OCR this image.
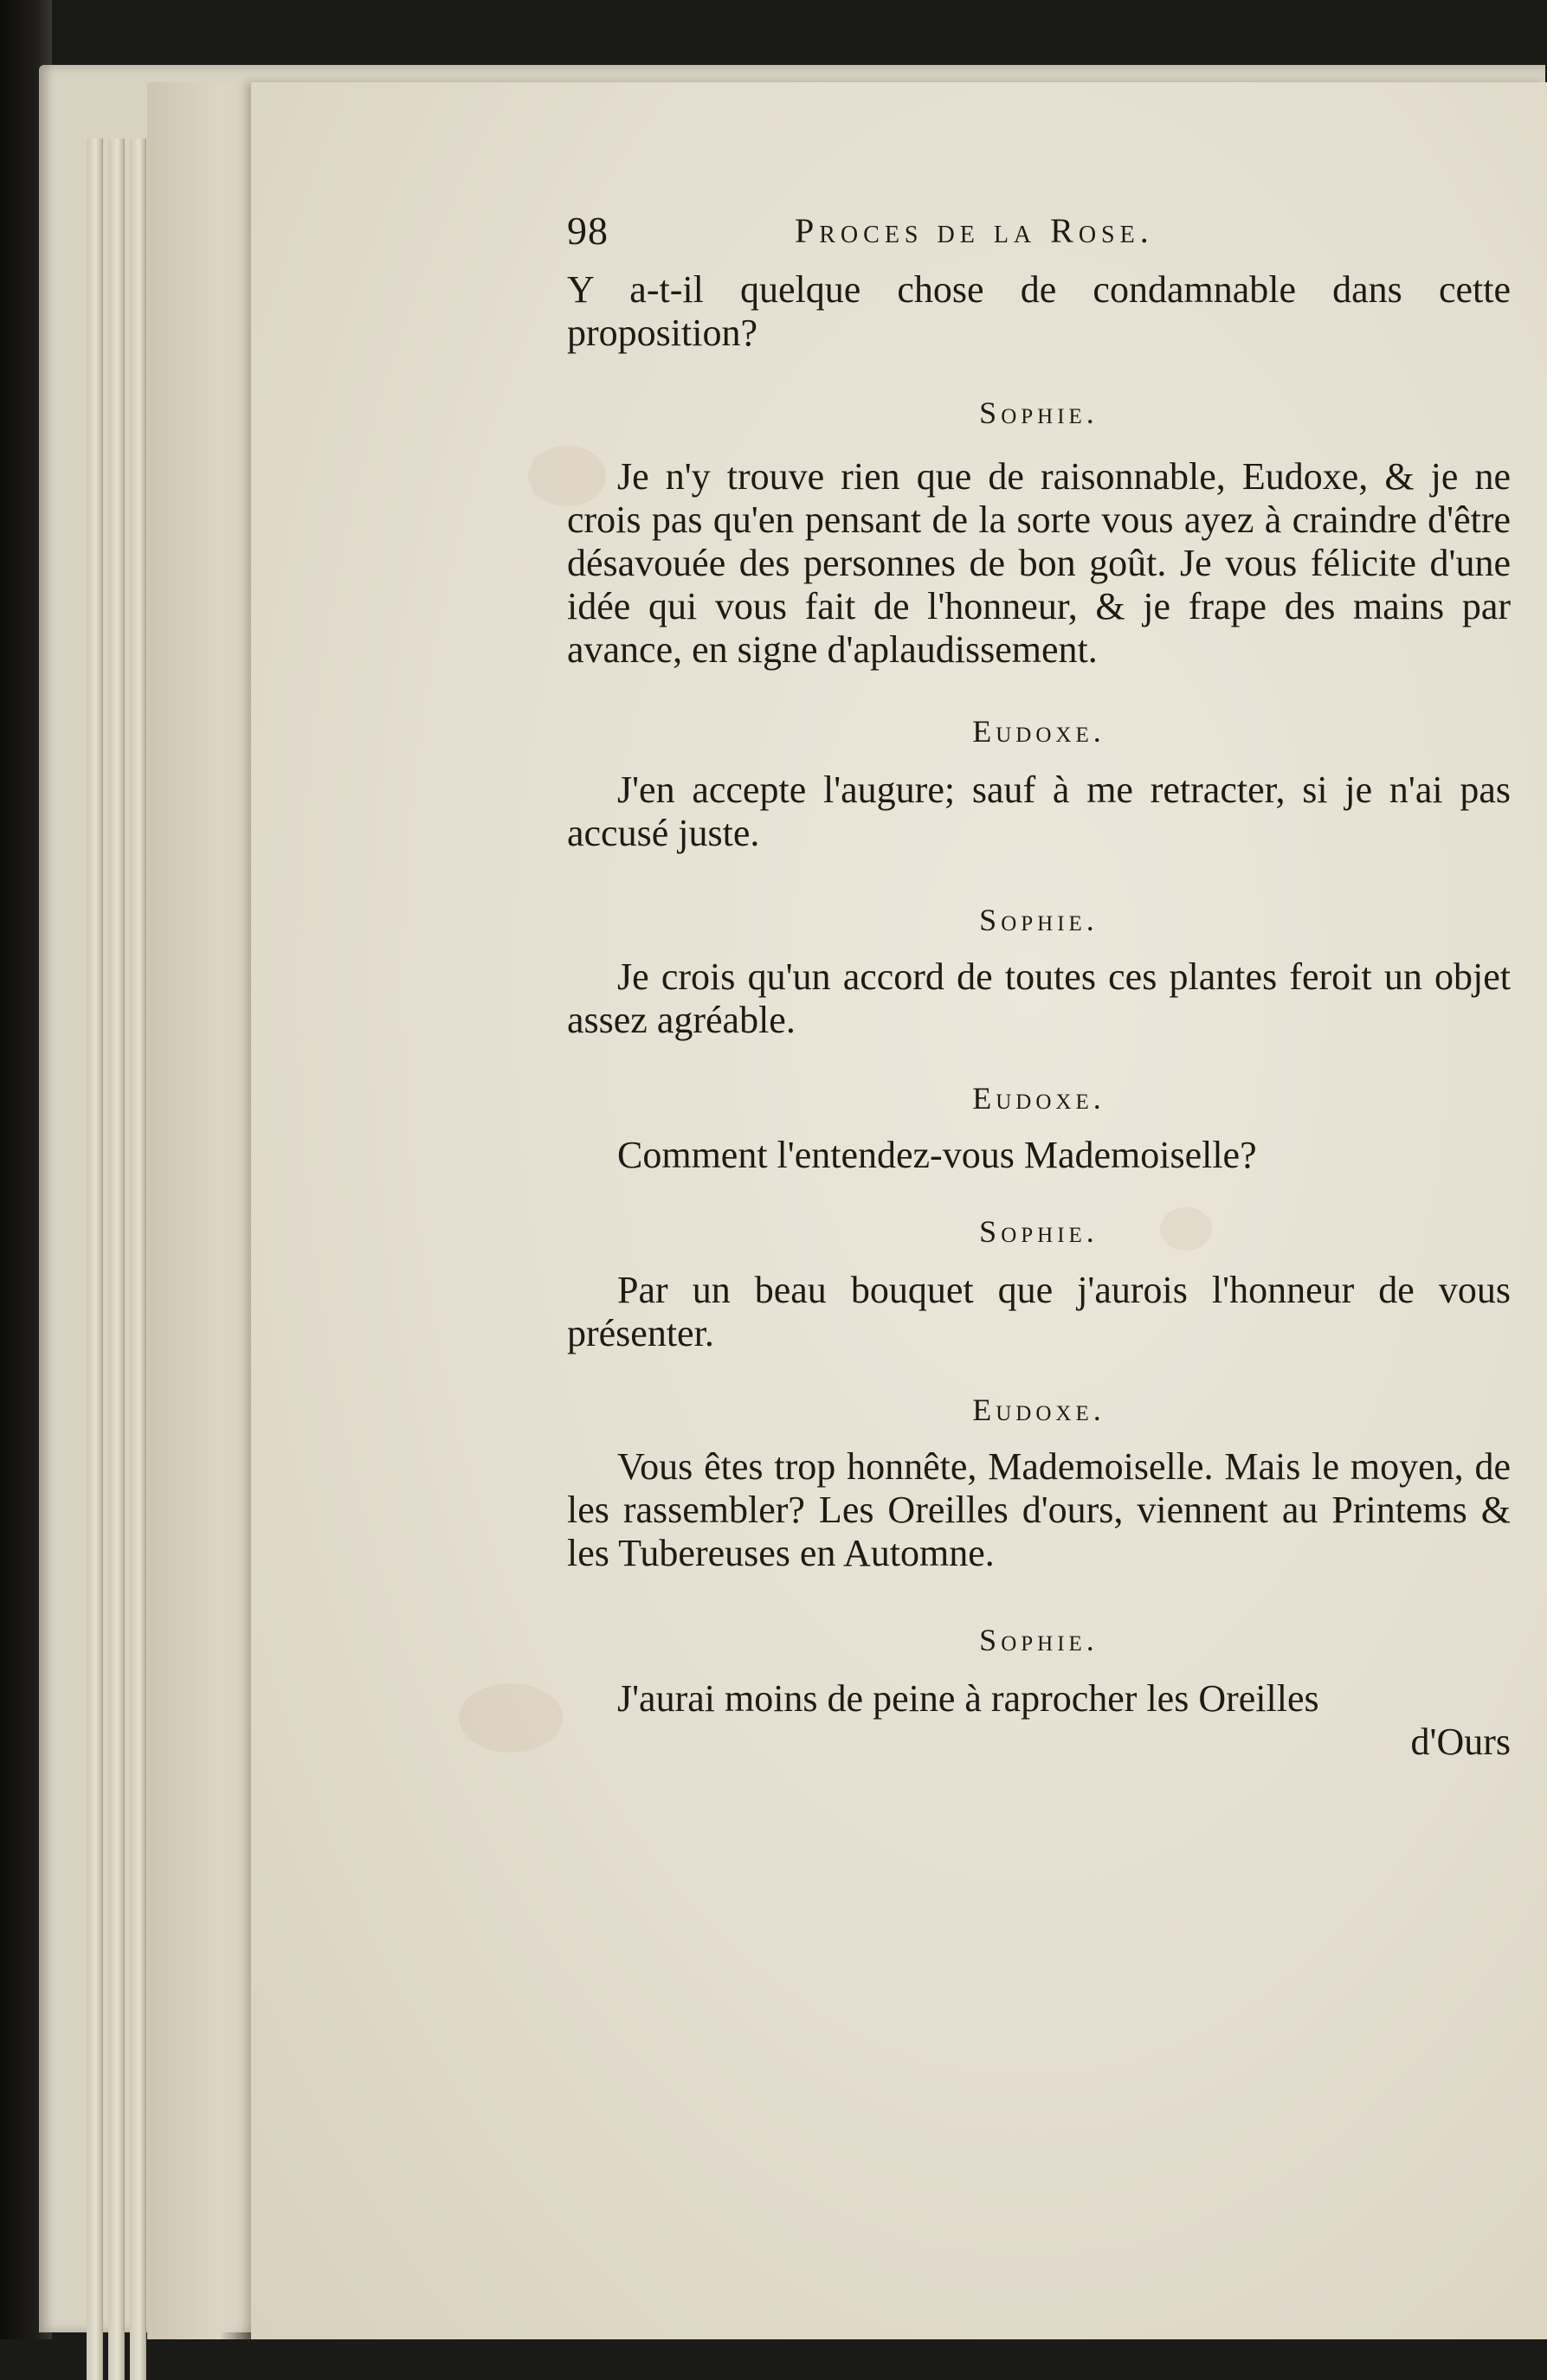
98	Proces de la Rose.

Y a-t-il quelque chose de condamnable dans cette proposition?

Sophie.

Je n'y trouve rien que de raisonnable, Eudoxe, & je ne crois pas qu'en pensant de la sorte vous ayez à craindre d'être désavouée des personnes de bon goût. Je vous félicite d'une idée qui vous fait de l'honneur, & je frape des mains par avance, en signe d'aplaudissement.

Eudoxe.

J'en accepte l'augure; sauf à me retracter, si je n'ai pas accusé juste.

Sophie.

Je crois qu'un accord de toutes ces plantes feroit un objet assez agréable.

Eudoxe.

Comment l'entendez-vous Mademoiselle?

Sophie.

Par un beau bouquet que j'aurois l'honneur de vous présenter.

Eudoxe.

Vous êtes trop honnête, Mademoiselle. Mais le moyen, de les rassembler? Les Oreilles d'ours, viennent au Printems & les Tubereuses en Automne.

Sophie.

J'aurai moins de peine à raprocher les Oreilles

d'Ours
